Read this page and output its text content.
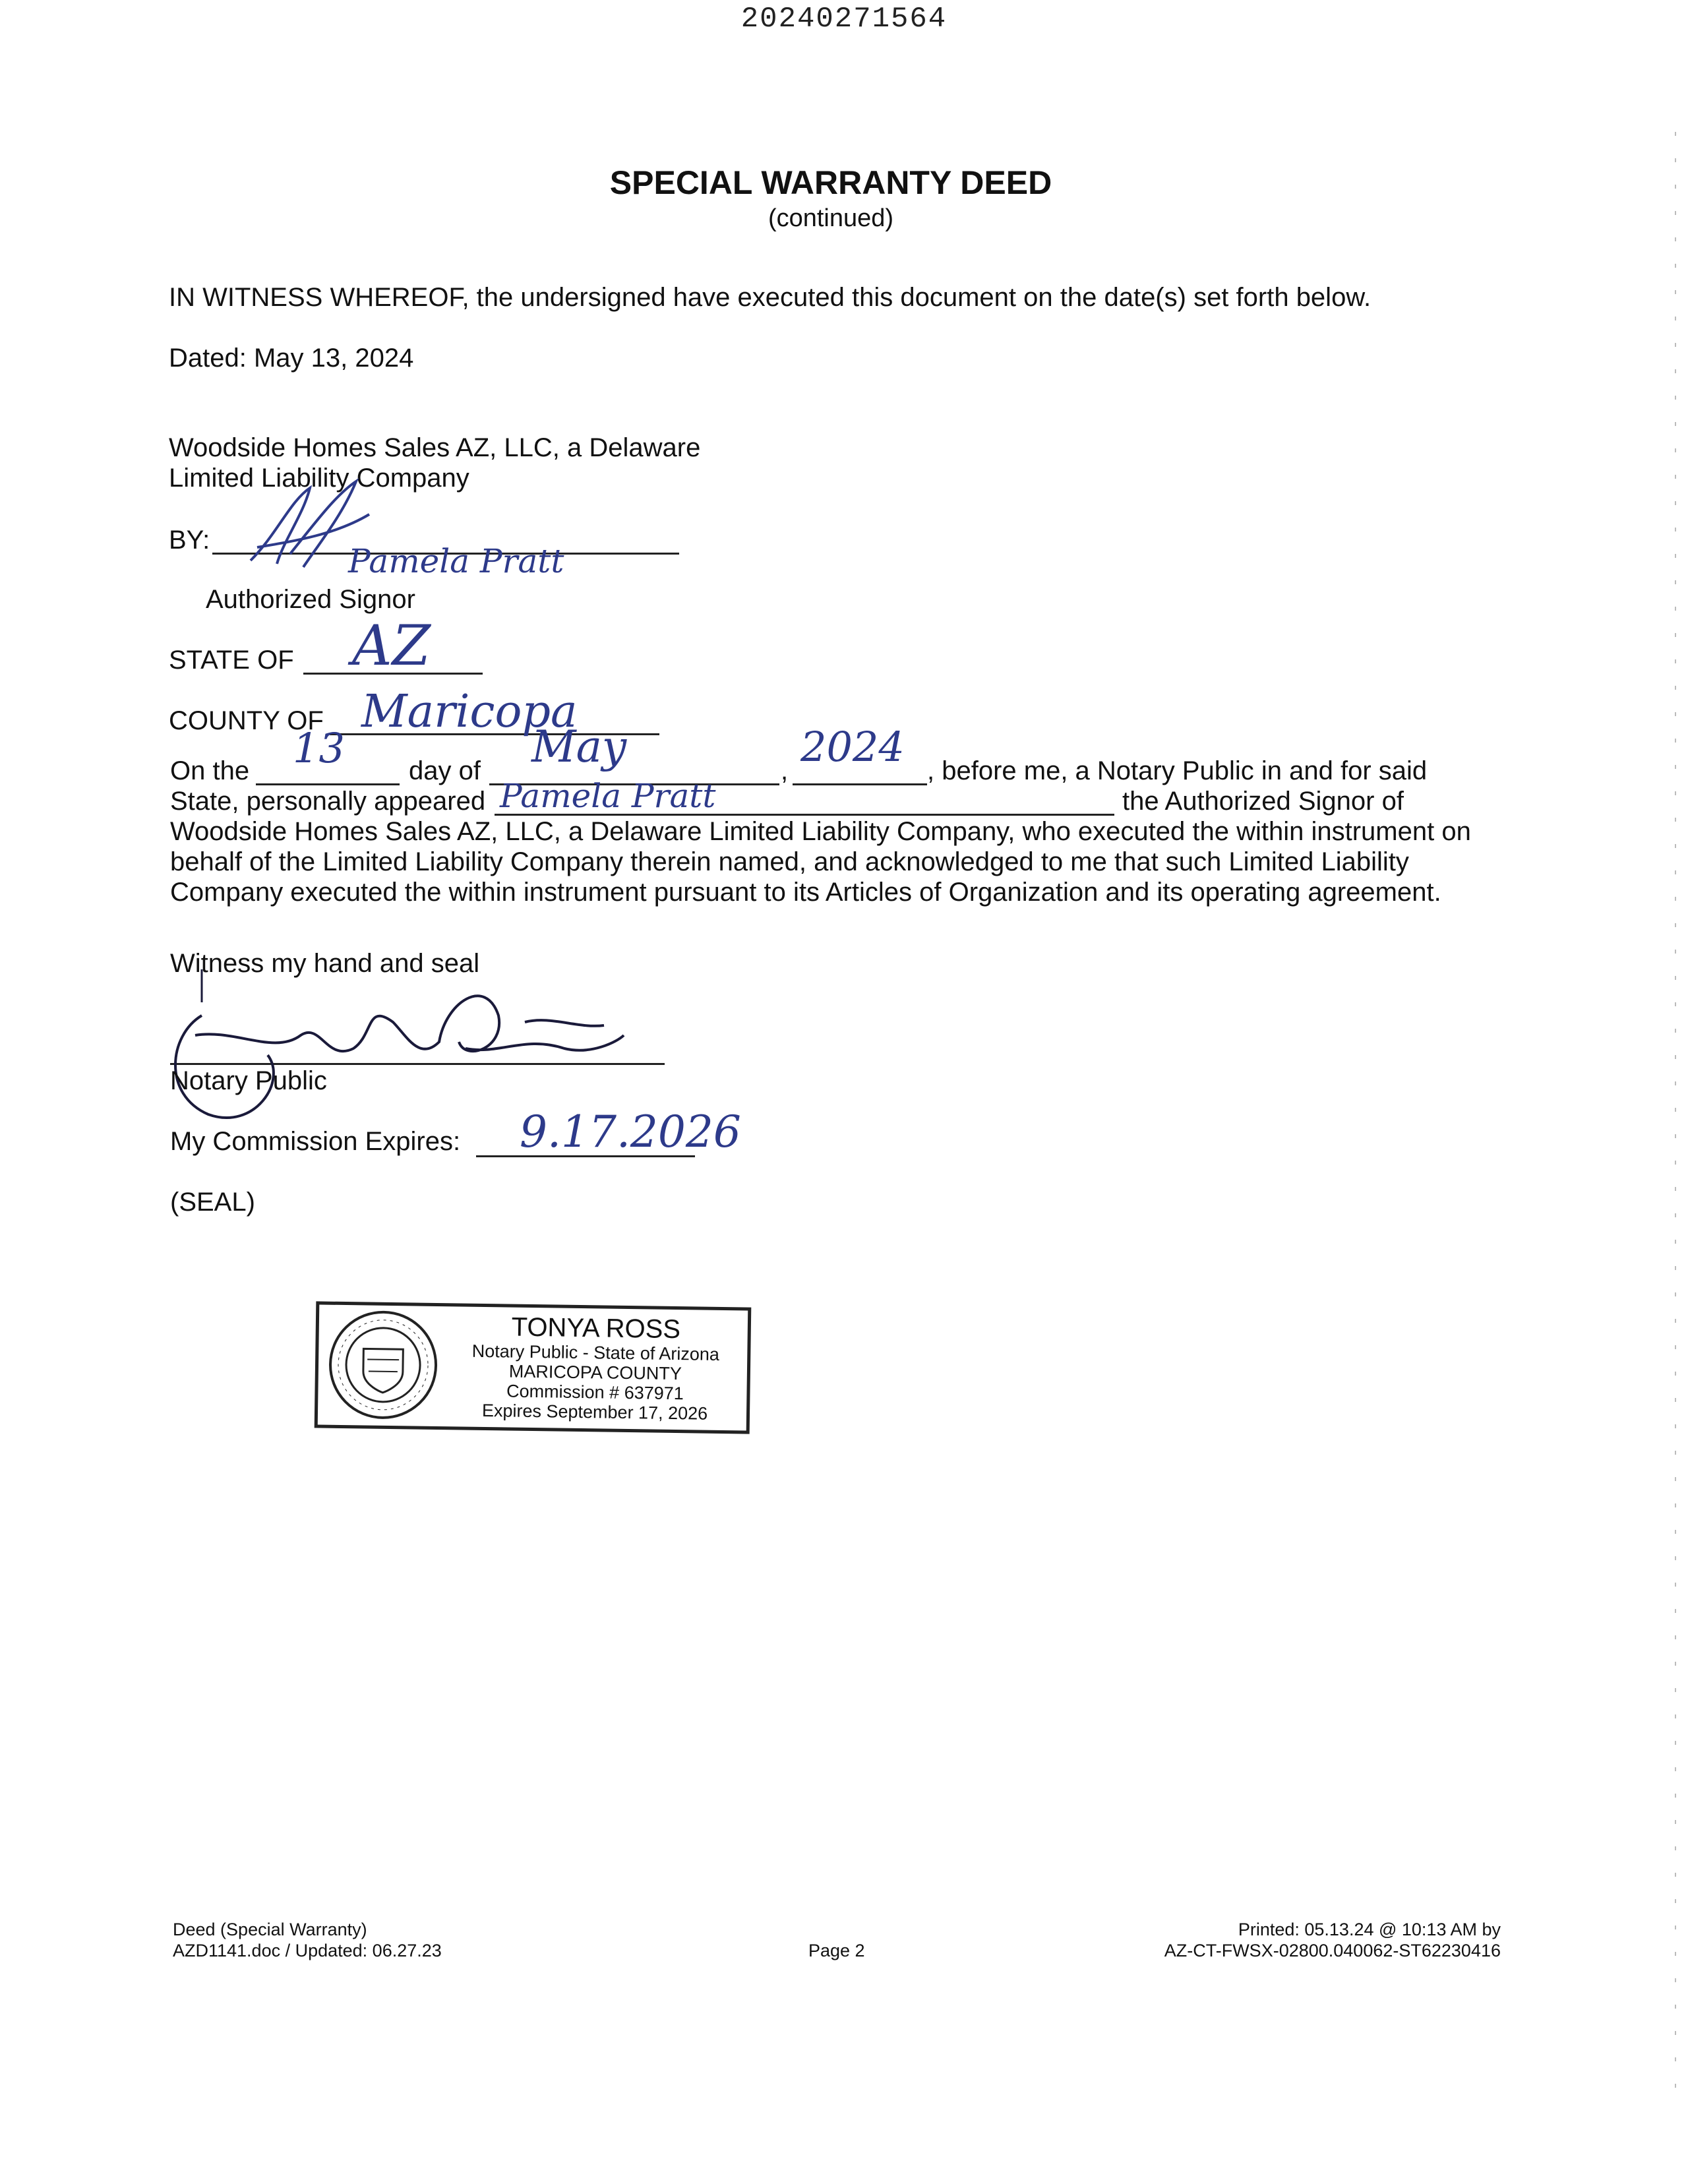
20240271564
SPECIAL WARRANTY DEED
(continued)
IN WITNESS WHEREOF, the undersigned have executed this document on the date(s) set forth below.
Dated: May 13, 2024
Woodside Homes Sales AZ, LLC, a Delaware
Limited Liability Company
BY:
Pamela Pratt
Authorized Signor
STATE OF AZ
COUNTY OF Maricopa
On the 13 day of May	, 2024 , before me, a Notary Public in and for said
State, personally appeared Pamela Pratt	the Authorized Signor of
Woodside Homes Sales AZ, LLC, a Delaware Limited Liability Company, who executed the within instrument on
behalf of the Limited Liability Company therein named, and acknowledged to me that such Limited Liability
Company executed the within instrument pursuant to its Articles of Organization and its operating agreement.
Witness my hand and seal
Notary Public
My Commission Expires: 9.17.2026
(SEAL)
TONYA ROSS
Notary Public - State of Arizona
MARICOPA COUNTY
Commission # 637971
Expires September 17, 2026
Deed (Special Warranty)
AZD1141.doc / Updated: 06.27.23	Page 2
Printed: 05.13.24 @ 10:13 AM by
AZ-CT-FWSX-02800.040062-ST62230416
